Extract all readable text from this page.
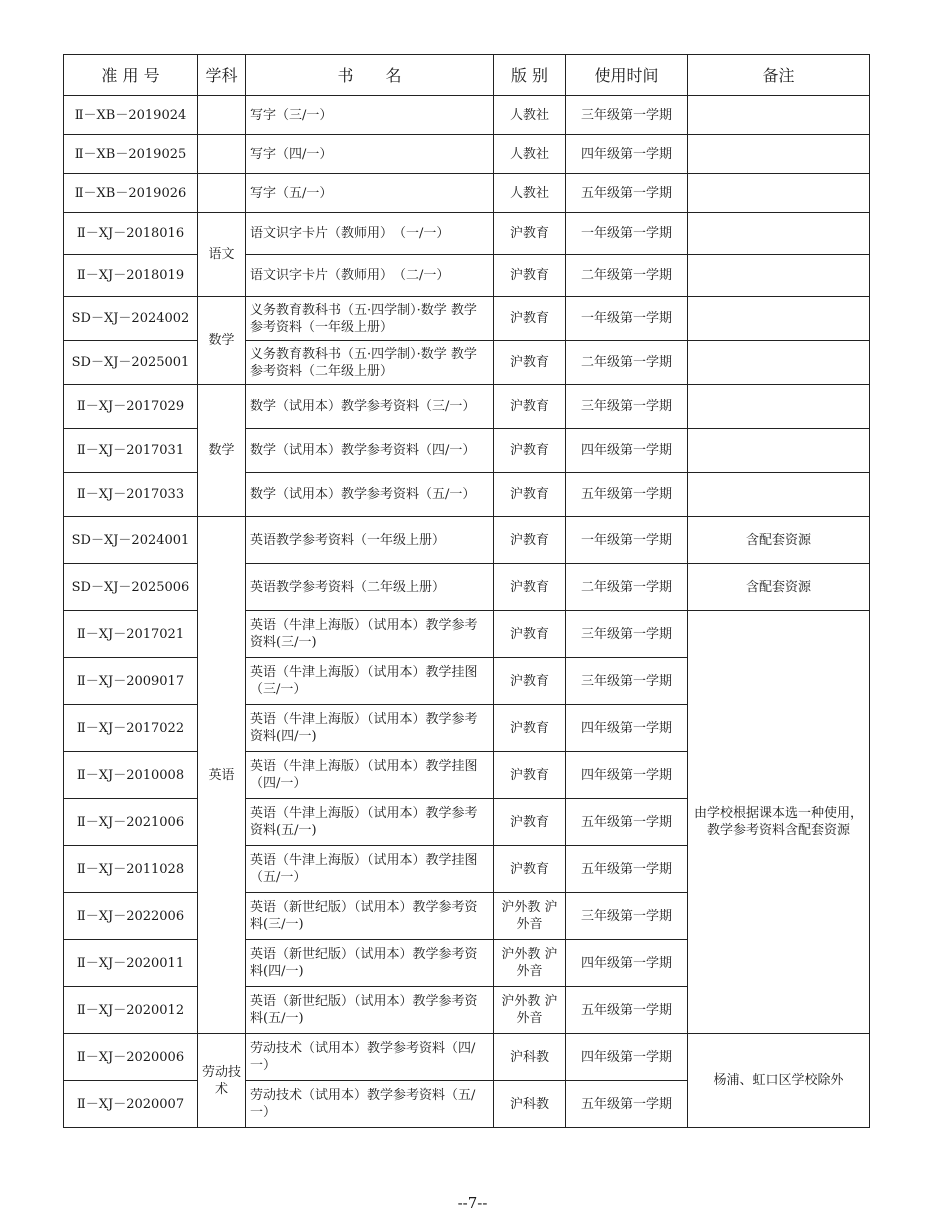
准 用 号	学科	书　　名	版 别	使用时间	备注
Ⅱ－XB－2019024		写字（三/一）	人教社	三年级第一学期	
Ⅱ－XB－2019025		写字（四/一）	人教社	四年级第一学期	
Ⅱ－XB－2019026		写字（五/一）	人教社	五年级第一学期	
Ⅱ－XJ－2018016	语文	语文识字卡片（教师用）　（一/一）	沪教育	一年级第一学期	
Ⅱ－XJ－2018019		语文识字卡片（教师用）　（二/一）	沪教育	二年级第一学期	
SD－XJ－2024002	数学	义务教育教科书（五·四学制）·数学 教学参考资料（一年级上册）	沪教育	一年级第一学期	
SD－XJ－2025001		义务教育教科书（五·四学制）·数学 教学参考资料（二年级上册）	沪教育	二年级第一学期	
Ⅱ－XJ－2017029	数学	数学（试用本）教学参考资料（三/一）	沪教育	三年级第一学期	
Ⅱ－XJ－2017031		数学（试用本）教学参考资料（四/一）	沪教育	四年级第一学期	
Ⅱ－XJ－2017033		数学（试用本）教学参考资料（五/一）	沪教育	五年级第一学期	
SD－XJ－2024001	英语	英语教学参考资料（一年级上册）	沪教育	一年级第一学期	含配套资源
SD－XJ－2025006		英语教学参考资料（二年级上册）	沪教育	二年级第一学期	含配套资源
Ⅱ－XJ－2017021		英语（牛津上海版）（试用本）教学参考资料(三/一)	沪教育	三年级第一学期	由学校根据课本选一种使用，教学参考资料含配套资源
Ⅱ－XJ－2009017		英语（牛津上海版）（试用本）教学挂图（三/一）	沪教育	三年级第一学期	
Ⅱ－XJ－2017022		英语（牛津上海版）（试用本）教学参考资料(四/一)	沪教育	四年级第一学期	
Ⅱ－XJ－2010008		英语（牛津上海版）（试用本）教学挂图（四/一）	沪教育	四年级第一学期	
Ⅱ－XJ－2021006		英语（牛津上海版）（试用本）教学参考资料(五/一)	沪教育	五年级第一学期	
Ⅱ－XJ－2011028		英语（牛津上海版）（试用本）教学挂图（五/一）	沪教育	五年级第一学期	
Ⅱ－XJ－2022006		英语（新世纪版）（试用本）教学参考资料(三/一)	沪外教 沪外音	三年级第一学期	
Ⅱ－XJ－2020011		英语（新世纪版）（试用本）教学参考资料(四/一)	沪外教 沪外音	四年级第一学期	
Ⅱ－XJ－2020012		英语（新世纪版）（试用本）教学参考资料(五/一)	沪外教 沪外音	五年级第一学期	
Ⅱ－XJ－2020006	劳动技术	劳动技术（试用本）教学参考资料（四/一）	沪科教	四年级第一学期	杨浦、虹口区学校除外
Ⅱ－XJ－2020007		劳动技术（试用本）教学参考资料（五/一）	沪科教	五年级第一学期	
--7--
